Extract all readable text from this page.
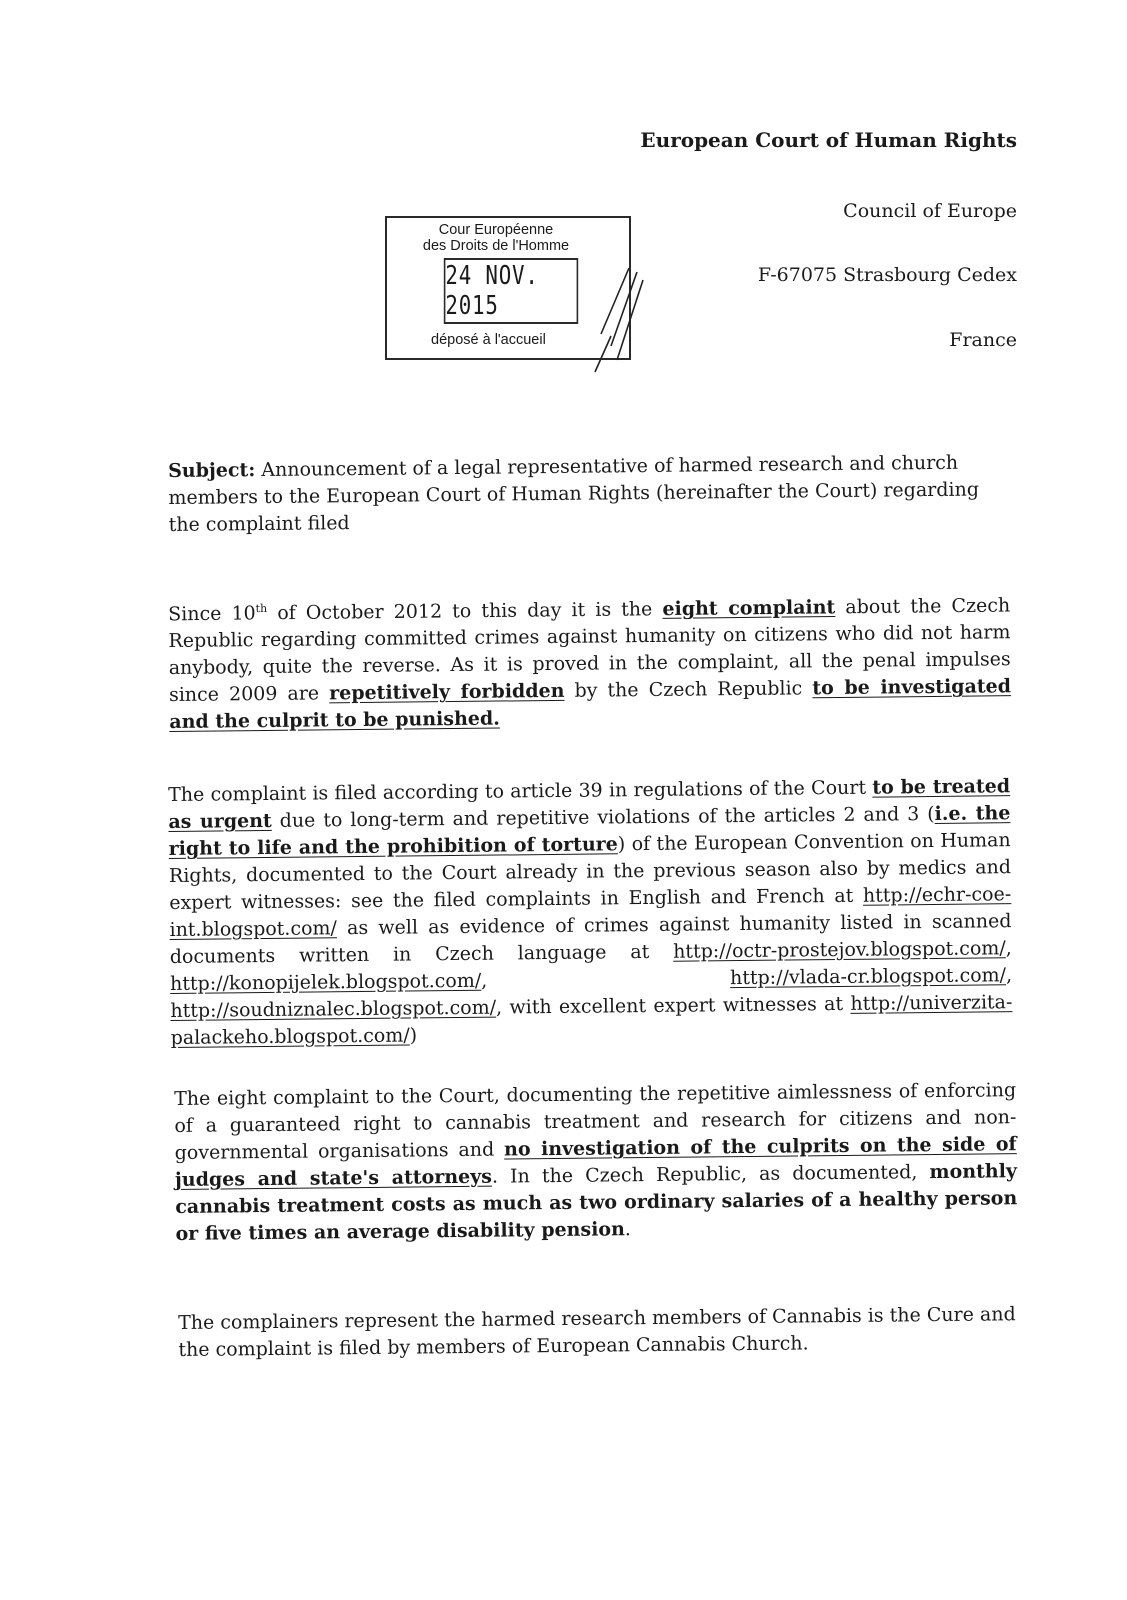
European Court of Human Rights
Council of Europe
F-67075 Strasbourg Cedex
France
Cour Européenne
des Droits de l'Homme
24 NOV. 2015
déposé à l'accueil

Subject: Announcement of a legal representative of harmed research and church members to the European Court of Human Rights (hereinafter the Court) regarding the complaint filed

Since 10th of October 2012 to this day it is the eight complaint about the Czech Republic regarding committed crimes against humanity on citizens who did not harm anybody, quite the reverse. As it is proved in the complaint, all the penal impulses since 2009 are repetitively forbidden by the Czech Republic to be investigated and the culprit to be punished.

The complaint is filed according to article 39 in regulations of the Court to be treated as urgent due to long-term and repetitive violations of the articles 2 and 3 (i.e. the right to life and the prohibition of torture) of the European Convention on Human Rights, documented to the Court already in the previous season also by medics and expert witnesses: see the filed complaints in English and French at http://echr-coe-int.blogspot.com/ as well as evidence of crimes against humanity listed in scanned documents written in Czech language at http://octr-prostejov.blogspot.com/, http://konopijelek.blogspot.com/, http://vlada-cr.blogspot.com/, http://soudniznalec.blogspot.com/, with excellent expert witnesses at http://univerzita-palackeho.blogspot.com/)

The eight complaint to the Court, documenting the repetitive aimlessness of enforcing of a guaranteed right to cannabis treatment and research for citizens and non-governmental organisations and no investigation of the culprits on the side of judges and state's attorneys. In the Czech Republic, as documented, monthly cannabis treatment costs as much as two ordinary salaries of a healthy person or five times an average disability pension.

The complainers represent the harmed research members of Cannabis is the Cure and the complaint is filed by members of European Cannabis Church.
